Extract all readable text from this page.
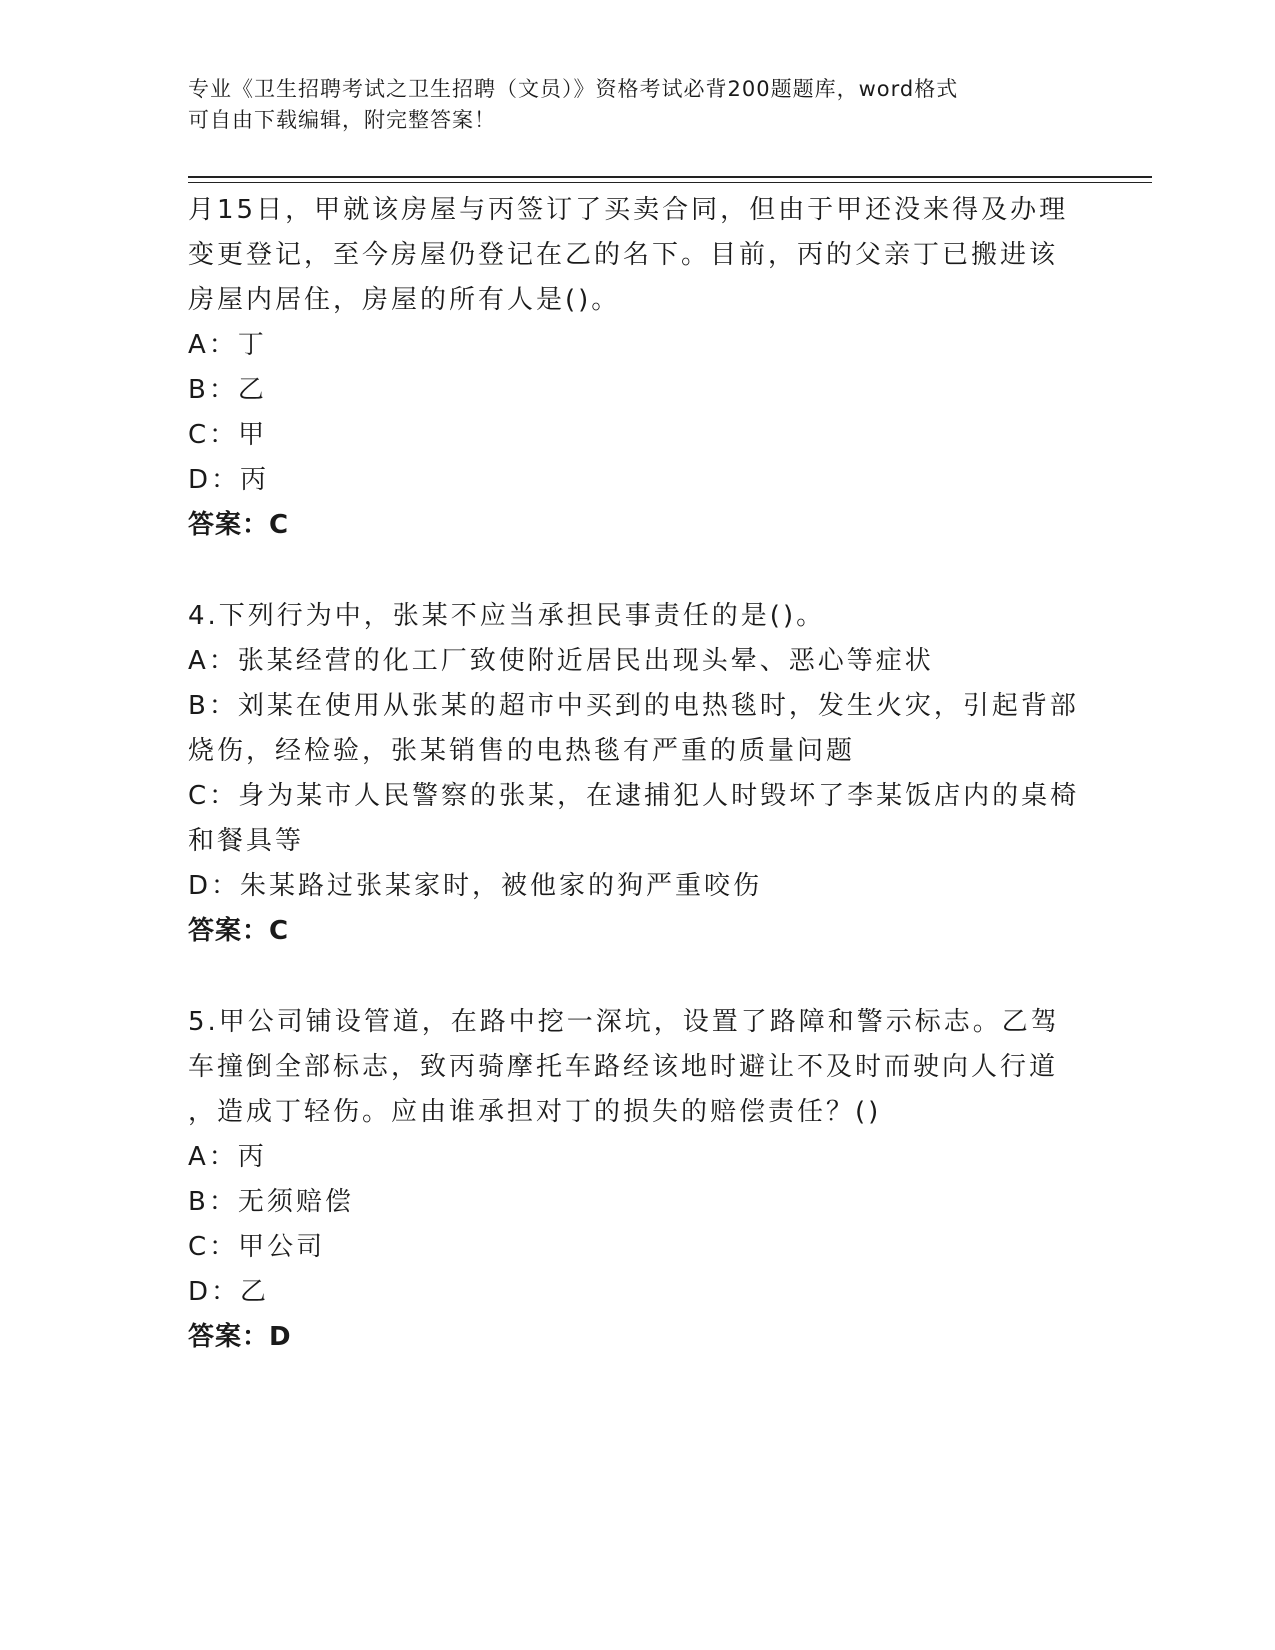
专业《卫生招聘考试之卫生招聘（文员）》资格考试必背200题题库，word格式
可自由下载编辑，附完整答案！
月15日，甲就该房屋与丙签订了买卖合同，但由于甲还没来得及办理
变更登记，至今房屋仍登记在乙的名下。目前，丙的父亲丁已搬进该
房屋内居住，房屋的所有人是()。
A：丁
B：乙
C：甲
D：丙
答案：C
4.下列行为中，张某不应当承担民事责任的是()。
A：张某经营的化工厂致使附近居民出现头晕、恶心等症状
B：刘某在使用从张某的超市中买到的电热毯时，发生火灾，引起背部
烧伤，经检验，张某销售的电热毯有严重的质量问题
C：身为某市人民警察的张某，在逮捕犯人时毁坏了李某饭店内的桌椅
和餐具等
D：朱某路过张某家时，被他家的狗严重咬伤
答案：C
5.甲公司铺设管道，在路中挖一深坑，设置了路障和警示标志。乙驾
车撞倒全部标志，致丙骑摩托车路经该地时避让不及时而驶向人行道
，造成丁轻伤。应由谁承担对丁的损失的赔偿责任？()
A：丙
B：无须赔偿
C：甲公司
D：乙
答案：D
